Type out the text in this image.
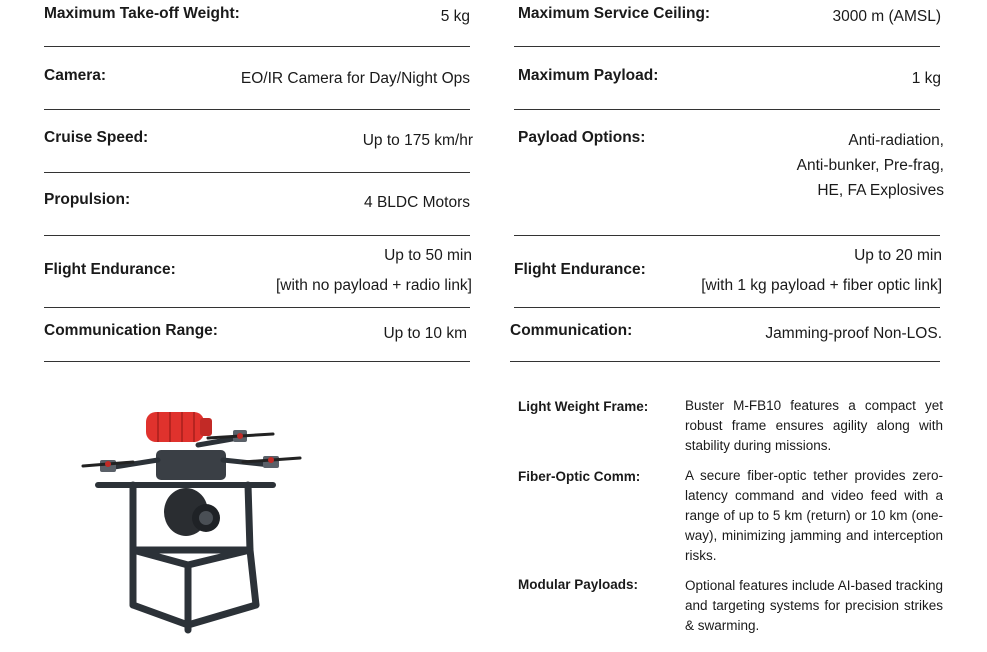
Maximum Take-off Weight:	5 kg
Camera:	EO/IR Camera for Day/Night Ops
Cruise Speed:	Up to 175 km/hr
Propulsion:	4 BLDC Motors
Flight Endurance:
Up to 50 min
[with no payload + radio link]
Communication Range:	Up to 10 km
Maximum Service Ceiling:	3000 m (AMSL)
Maximum Payload:	1 kg
Payload Options:	Anti-radiation,
Anti-bunker, Pre-frag,
HE, FA Explosives
Flight Endurance:
Up to 20 min
[with 1 kg payload + fiber optic link]
Communication:	Jamming-proof Non-LOS.
Light Weight Frame:	Buster M-FB10 features a compact yet robust frame ensures agility along with stability during missions.
Fiber-Optic Comm:	A secure fiber-optic tether provides zero-latency command and video feed with a range of up to 5 km (return) or 10 km (one-way), minimizing jamming and interception risks.
Modular Payloads:	Optional features include AI-based tracking and targeting systems for precision strikes & swarming.
